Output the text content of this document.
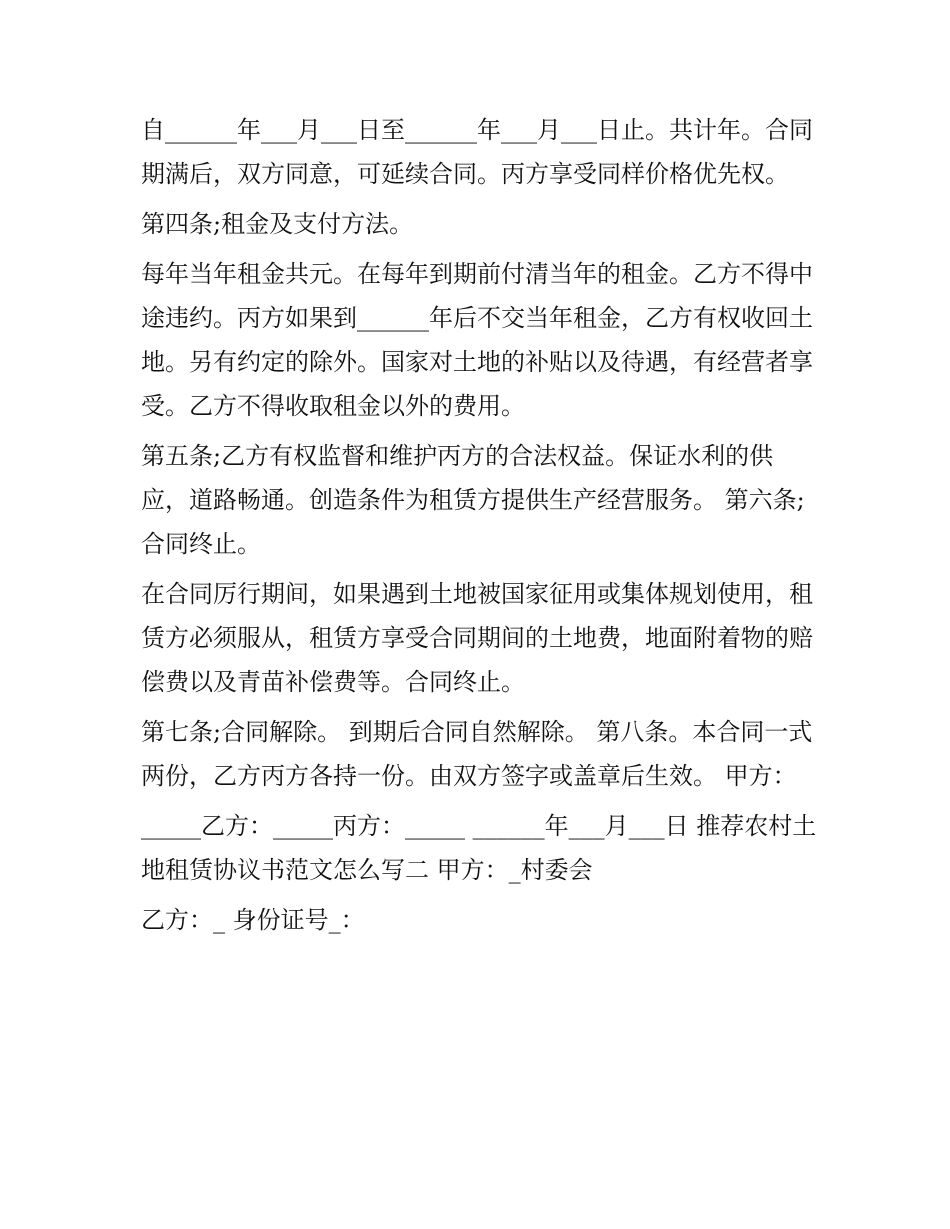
自______年___月___日至______年___月___日止。共计年。合同期满后，双方同意，可延续合同。丙方享受同样价格优先权。

第四条;租金及支付方法。

每年当年租金共元。在每年到期前付清当年的租金。乙方不得中途违约。丙方如果到______年后不交当年租金，乙方有权收回土地。另有约定的除外。国家对土地的补贴以及待遇，有经营者享受。乙方不得收取租金以外的费用。

第五条;乙方有权监督和维护丙方的合法权益。保证水利的供应，道路畅通。创造条件为租赁方提供生产经营服务。 第六条;合同终止。

在合同厉行期间，如果遇到土地被国家征用或集体规划使用，租赁方必须服从，租赁方享受合同期间的土地费，地面附着物的赔偿费以及青苗补偿费等。合同终止。

第七条;合同解除。 到期后合同自然解除。 第八条。本合同一式两份，乙方丙方各持一份。由双方签字或盖章后生效。 甲方：

_____乙方：_____丙方：_____ ______年___月___日 推荐农村土地租赁协议书范文怎么写二 甲方：_村委会

乙方：_ 身份证号_：
